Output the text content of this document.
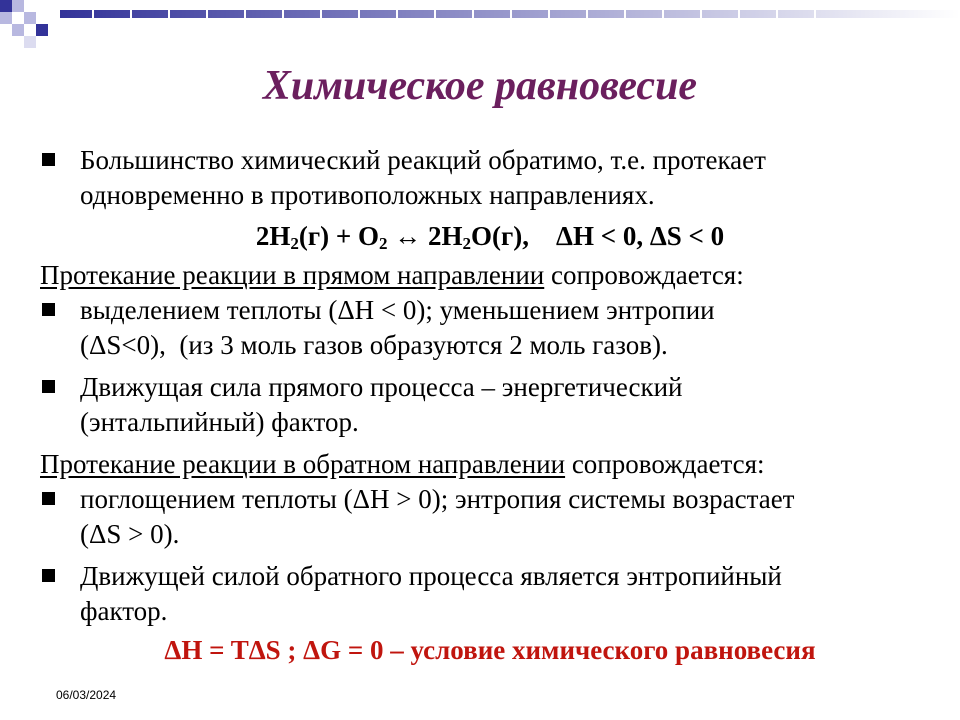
Химическое равновесие
Большинство химический реакций обратимо, т.е. протекает
одновременно в противоположных направлениях.
$2H_2(г) + O_2$ ↔ $2H_2O(г)$,    ΔH < 0, ΔS < 0
Протекание реакции в прямом направлении сопровождается:
выделением теплоты (ΔH < 0); уменьшением энтропии
(ΔS<0),  (из 3 моль газов образуются 2 моль газов).
Движущая сила прямого процесса – энергетический
(энтальпийный) фактор.
Протекание реакции в обратном направлении сопровождается:
поглощением теплоты (ΔH > 0); энтропия системы возрастает
(ΔS > 0).
Движущей силой обратного процесса является энтропийный
фактор.
ΔH = TΔS ; ΔG = 0 – условие химического равновесия
06/03/2024
